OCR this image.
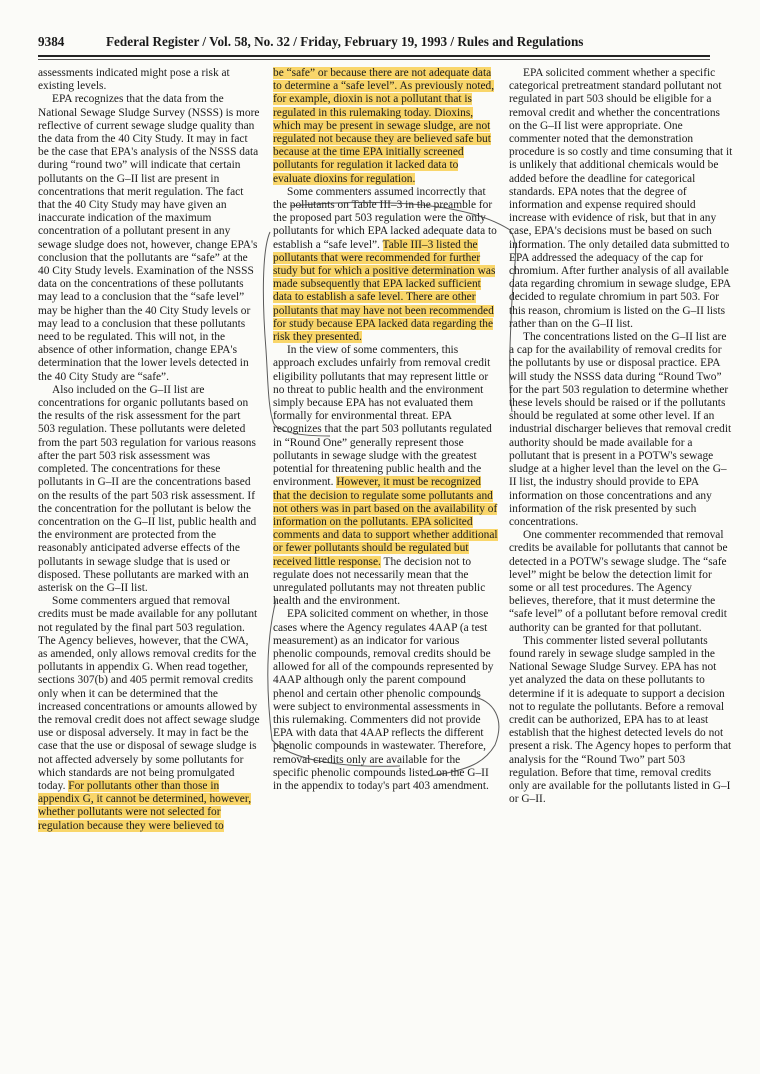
9384	Federal Register / Vol. 58, No. 32 / Friday, February 19, 1993 / Rules and Regulations

assessments indicated might pose a risk at existing levels.

EPA recognizes that the data from the National Sewage Sludge Survey (NSSS) is more reflective of current sewage sludge quality than the data from the 40 City Study. It may in fact be the case that EPA's analysis of the NSSS data during “round two” will indicate that certain pollutants on the G–II list are present in concentrations that merit regulation. The fact that the 40 City Study may have given an inaccurate indication of the maximum concentration of a pollutant present in any sewage sludge does not, however, change EPA's conclusion that the pollutants are “safe” at the 40 City Study levels. Examination of the NSSS data on the concentrations of these pollutants may lead to a conclusion that the “safe level” may be higher than the 40 City Study levels or may lead to a conclusion that these pollutants need to be regulated. This will not, in the absence of other information, change EPA's determination that the lower levels detected in the 40 City Study are “safe”.

Also included on the G–II list are concentrations for organic pollutants based on the results of the risk assessment for the part 503 regulation. These pollutants were deleted from the part 503 regulation for various reasons after the part 503 risk assessment was completed. The concentrations for these pollutants in G–II are the concentrations based on the results of the part 503 risk assessment. If the concentration for the pollutant is below the concentration on the G–II list, public health and the environment are protected from the reasonably anticipated adverse effects of the pollutants in sewage sludge that is used or disposed. These pollutants are marked with an asterisk on the G–II list.

Some commenters argued that removal credits must be made available for any pollutant not regulated by the final part 503 regulation. The Agency believes, however, that the CWA, as amended, only allows removal credits for the pollutants in appendix G. When read together, sections 307(b) and 405 permit removal credits only when it can be determined that the increased concentrations or amounts allowed by the removal credit does not affect sewage sludge use or disposal adversely. It may in fact be the case that the use or disposal of sewage sludge is not affected adversely by some pollutants for which standards are not being promulgated today. For pollutants other than those in appendix G, it cannot be determined, however, whether pollutants were not selected for regulation because they were believed to

be “safe” or because there are not adequate data to determine a “safe level”. As previously noted, for example, dioxin is not a pollutant that is regulated in this rulemaking today. Dioxins, which may be present in sewage sludge, are not regulated not because they are believed safe but because at the time EPA initially screened pollutants for regulation it lacked data to evaluate dioxins for regulation.

Some commenters assumed incorrectly that the pollutants on Table III–3 in the preamble for the proposed part 503 regulation were the only pollutants for which EPA lacked adequate data to establish a “safe level”. Table III–3 listed the pollutants that were recommended for further study but for which a positive determination was made subsequently that EPA lacked sufficient data to establish a safe level. There are other pollutants that may have not been recommended for study because EPA lacked data regarding the risk they presented.

In the view of some commenters, this approach excludes unfairly from removal credit eligibility pollutants that may represent little or no threat to public health and the environment simply because EPA has not evaluated them formally for environmental threat. EPA recognizes that the part 503 pollutants regulated in “Round One” generally represent those pollutants in sewage sludge with the greatest potential for threatening public health and the environment. However, it must be recognized that the decision to regulate some pollutants and not others was in part based on the availability of information on the pollutants. EPA solicited comments and data to support whether additional or fewer pollutants should be regulated but received little response. The decision not to regulate does not necessarily mean that the unregulated pollutants may not threaten public health and the environment.

EPA solicited comment on whether, in those cases where the Agency regulates 4AAP (a test measurement) as an indicator for various phenolic compounds, removal credits should be allowed for all of the compounds represented by 4AAP although only the parent compound phenol and certain other phenolic compounds were subject to environmental assessments in this rulemaking. Commenters did not provide EPA with data that 4AAP reflects the different phenolic compounds in wastewater. Therefore, removal credits only are available for the specific phenolic compounds listed on the G–II in the appendix to today's part 403 amendment.

EPA solicited comment whether a specific categorical pretreatment standard pollutant not regulated in part 503 should be eligible for a removal credit and whether the concentrations on the G–II list were appropriate. One commenter noted that the demonstration procedure is so costly and time consuming that it is unlikely that additional chemicals would be added before the deadline for categorical standards. EPA notes that the degree of information and expense required should increase with evidence of risk, but that in any case, EPA's decisions must be based on such information. The only detailed data submitted to EPA addressed the adequacy of the cap for chromium. After further analysis of all available data regarding chromium in sewage sludge, EPA decided to regulate chromium in part 503. For this reason, chromium is listed on the G–II lists rather than on the G–II list.

The concentrations listed on the G–II list are a cap for the availability of removal credits for the pollutants by use or disposal practice. EPA will study the NSSS data during “Round Two” for the part 503 regulation to determine whether these levels should be raised or if the pollutants should be regulated at some other level. If an industrial discharger believes that removal credit authority should be made available for a pollutant that is present in a POTW's sewage sludge at a higher level than the level on the G–II list, the industry should provide to EPA information on those concentrations and any information of the risk presented by such concentrations.

One commenter recommended that removal credits be available for pollutants that cannot be detected in a POTW's sewage sludge. The “safe level” might be below the detection limit for some or all test procedures. The Agency believes, therefore, that it must determine the “safe level” of a pollutant before removal credit authority can be granted for that pollutant.

This commenter listed several pollutants found rarely in sewage sludge sampled in the National Sewage Sludge Survey. EPA has not yet analyzed the data on these pollutants to determine if it is adequate to support a decision not to regulate the pollutants. Before a removal credit can be authorized, EPA has to at least establish that the highest detected levels do not present a risk. The Agency hopes to perform that analysis for the “Round Two” part 503 regulation. Before that time, removal credits only are available for the pollutants listed in G–I or G–II.
